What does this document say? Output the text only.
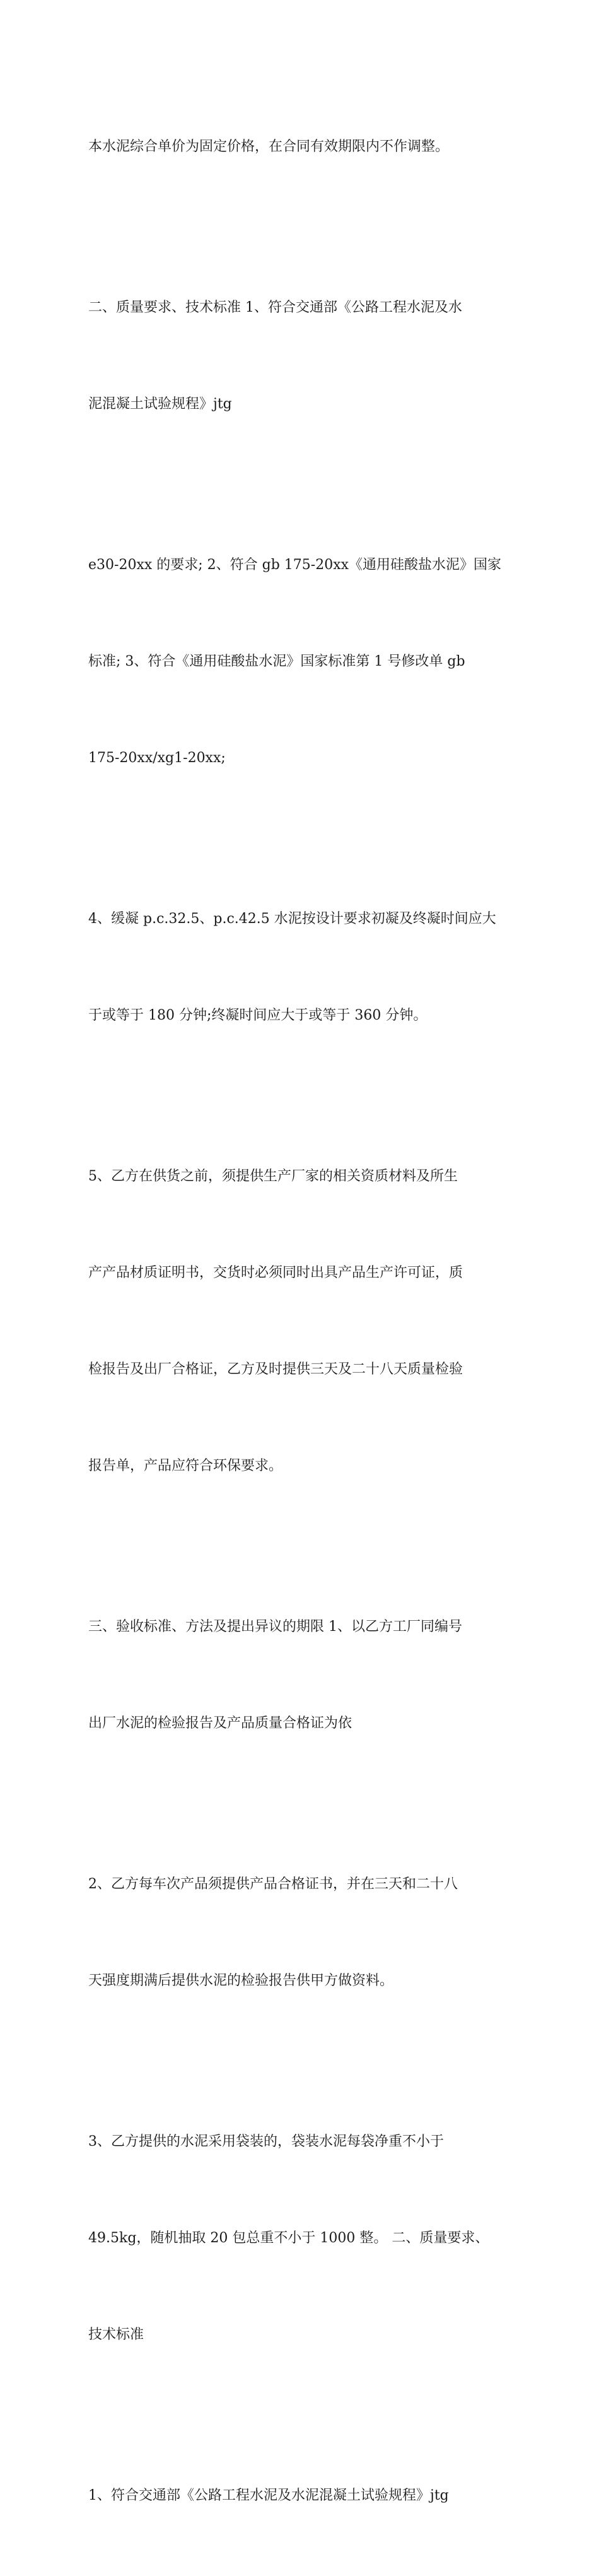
本水泥综合单价为固定价格，在合同有效期限内不作调整。

二、质量要求、技术标准 1、符合交通部《公路工程水泥及水

泥混凝土试验规程》jtg

e30-20xx 的要求; 2、符合 gb 175-20xx《通用硅酸盐水泥》国家

标准; 3、符合《通用硅酸盐水泥》国家标准第 1 号修改单 gb

175-20xx/xg1-20xx;

4、缓凝 p.c.32.5、p.c.42.5 水泥按设计要求初凝及终凝时间应大

于或等于 180 分钟;终凝时间应大于或等于 360 分钟。

5、乙方在供货之前，须提供生产厂家的相关资质材料及所生

产产品材质证明书，交货时必须同时出具产品生产许可证，质

检报告及出厂合格证，乙方及时提供三天及二十八天质量检验

报告单，产品应符合环保要求。

三、验收标准、方法及提出异议的期限 1、以乙方工厂同编号

出厂水泥的检验报告及产品质量合格证为依

2、乙方每车次产品须提供产品合格证书，并在三天和二十八

天强度期满后提供水泥的检验报告供甲方做资料。

3、乙方提供的水泥采用袋装的，袋装水泥每袋净重不小于

49.5kg，随机抽取 20 包总重不小于 1000 整。 二、质量要求、

技术标准

1、符合交通部《公路工程水泥及水泥混凝土试验规程》jtg
